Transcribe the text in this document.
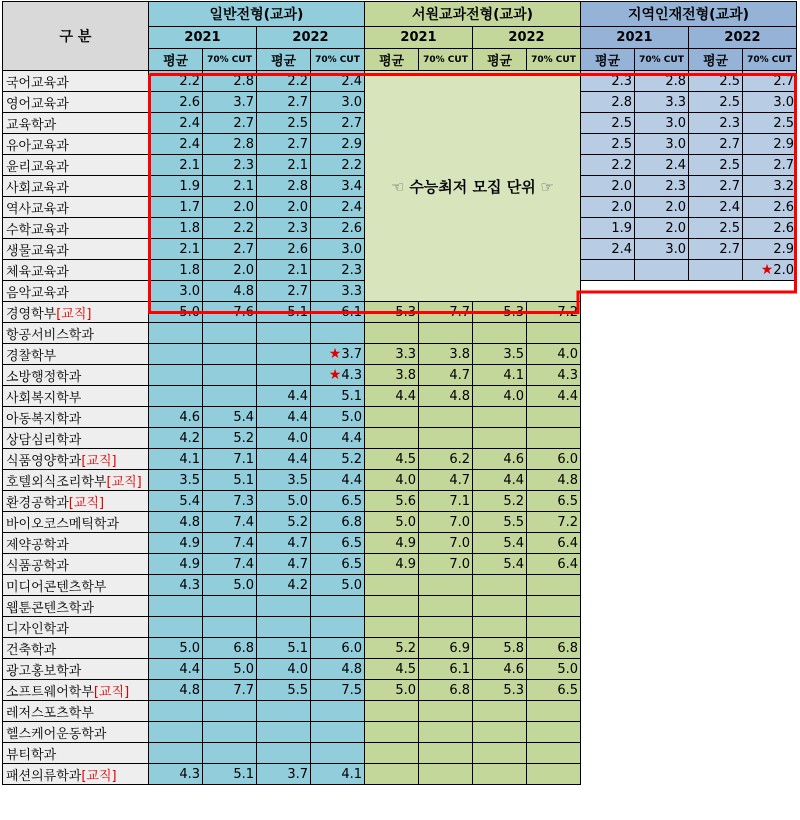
구 분	일반전형(교과)				서원교과전형(교과)				지역인재전형(교과)			
	2021		2022		2021		2022		2021		2022	
	평균	70% CUT	평균	70% CUT	평균	70% CUT	평균	70% CUT	평균	70% CUT	평균	70% CUT
국어교육과	2.2	2.8	2.2	2.4	☜ 수능최저 모집 단위 ☞				2.3	2.8	2.5	2.7
영어교육과	2.6	3.7	2.7	3.0					2.8	3.3	2.5	3.0
교육학과	2.4	2.7	2.5	2.7					2.5	3.0	2.3	2.5
유아교육과	2.4	2.8	2.7	2.9					2.5	3.0	2.7	2.9
윤리교육과	2.1	2.3	2.1	2.2					2.2	2.4	2.5	2.7
사회교육과	1.9	2.1	2.8	3.4					2.0	2.3	2.7	3.2
역사교육과	1.7	2.0	2.0	2.4					2.0	2.0	2.4	2.6
수학교육과	1.8	2.2	2.3	2.6					1.9	2.0	2.5	2.6
생물교육과	2.1	2.7	2.6	3.0					2.4	3.0	2.7	2.9
체육교육과	1.8	2.0	2.1	2.3								★2.0
음악교육과	3.0	4.8	2.7	3.3								
경영학부[교직]	5.0	7.6	5.1	6.1	5.3	7.7	5.3	7.2				
항공서비스학과												
경찰학부				★3.7	3.3	3.8	3.5	4.0				
소방행정학과				★4.3	3.8	4.7	4.1	4.3				
사회복지학부			4.4	5.1	4.4	4.8	4.0	4.4				
아동복지학과	4.6	5.4	4.4	5.0								
상담심리학과	4.2	5.2	4.0	4.4								
식품영양학과[교직]	4.1	7.1	4.4	5.2	4.5	6.2	4.6	6.0				
호텔외식조리학부[교직]	3.5	5.1	3.5	4.4	4.0	4.7	4.4	4.8				
환경공학과[교직]	5.4	7.3	5.0	6.5	5.6	7.1	5.2	6.5				
바이오코스메틱학과	4.8	7.4	5.2	6.8	5.0	7.0	5.5	7.2				
제약공학과	4.9	7.4	4.7	6.5	4.9	7.0	5.4	6.4				
식품공학과	4.9	7.4	4.7	6.5	4.9	7.0	5.4	6.4				
미디어콘텐츠학부	4.3	5.0	4.2	5.0								
웹툰콘텐츠학과												
디자인학과												
건축학과	5.0	6.8	5.1	6.0	5.2	6.9	5.8	6.8				
광고홍보학과	4.4	5.0	4.0	4.8	4.5	6.1	4.6	5.0				
소프트웨어학부[교직]	4.8	7.7	5.5	7.5	5.0	6.8	5.3	6.5				
레저스포츠학부												
헬스케어운동학과												
뷰티학과												
패션의류학과[교직]	4.3	5.1	3.7	4.1								
